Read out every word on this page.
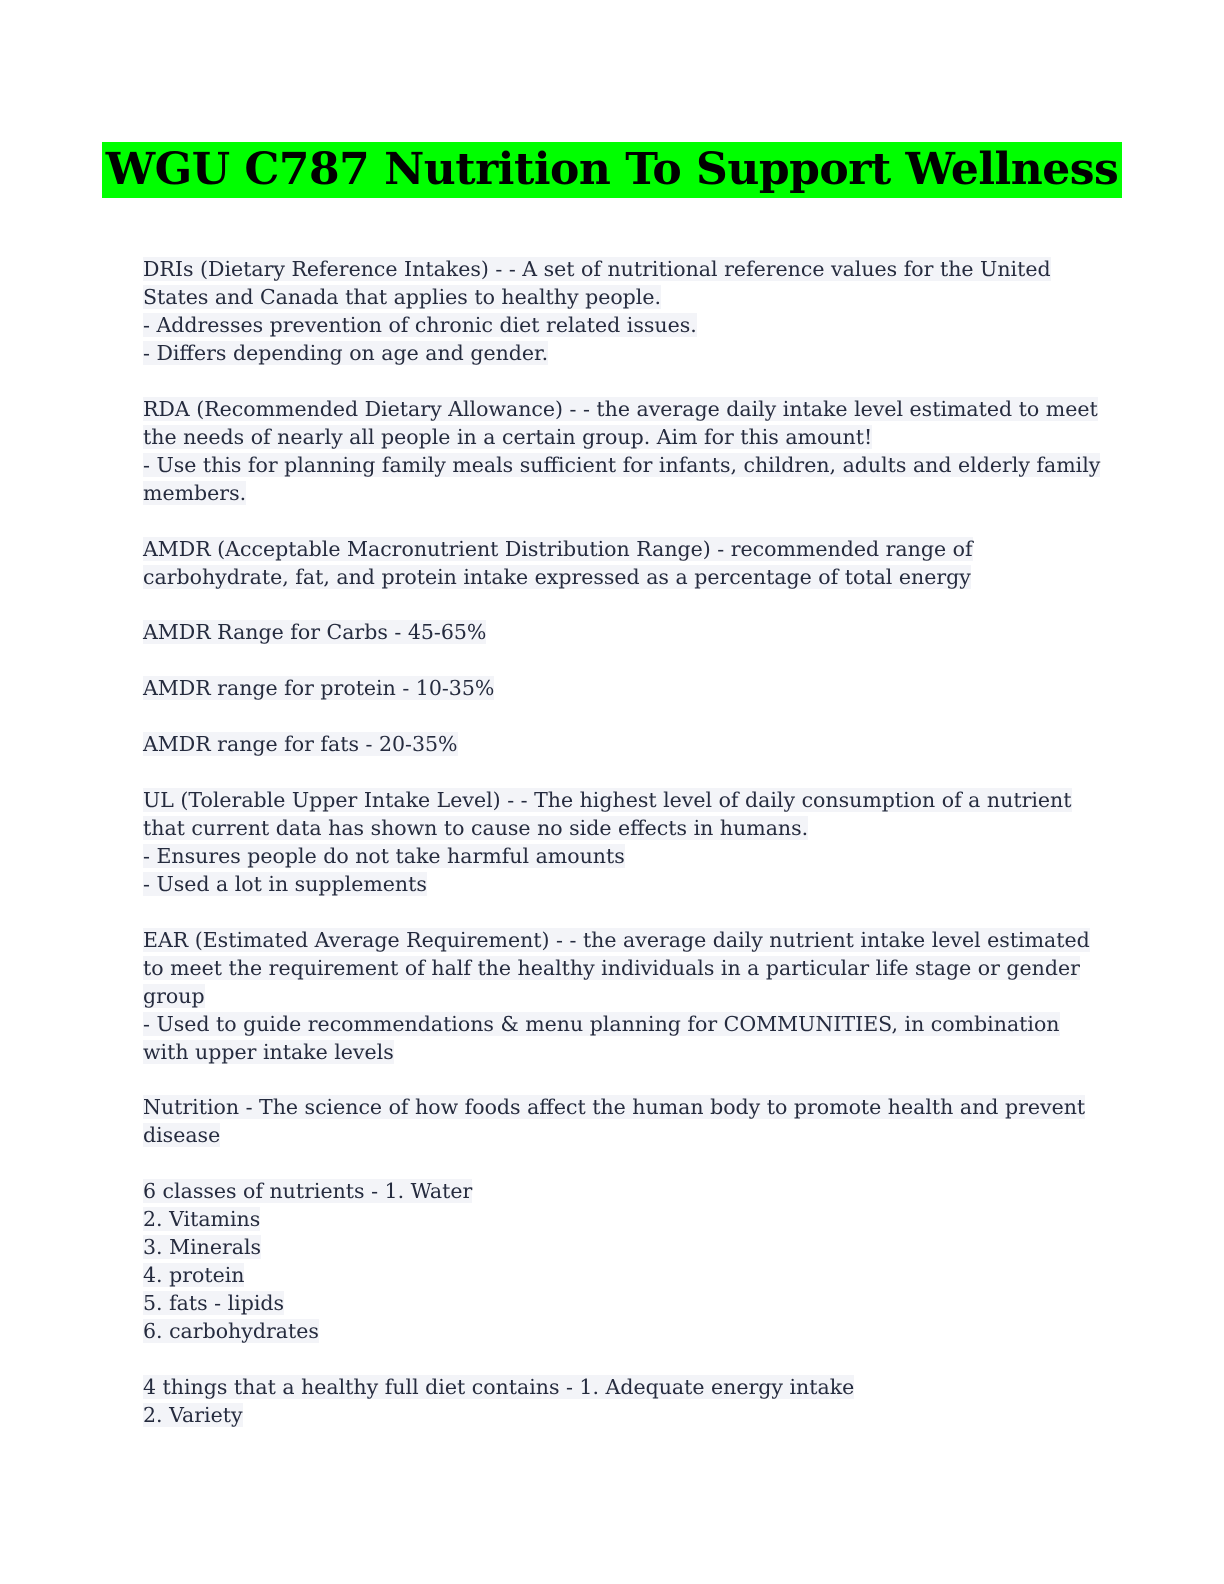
WGU C787 Nutrition To Support Wellness
DRIs (Dietary Reference Intakes) - - A set of nutritional reference values for the United
States and Canada that applies to healthy people.
- Addresses prevention of chronic diet related issues.
- Differs depending on age and gender.
RDA (Recommended Dietary Allowance) - - the average daily intake level estimated to meet
the needs of nearly all people in a certain group. Aim for this amount!
- Use this for planning family meals sufficient for infants, children, adults and elderly family
members.
AMDR (Acceptable Macronutrient Distribution Range) - recommended range of
carbohydrate, fat, and protein intake expressed as a percentage of total energy
AMDR Range for Carbs - 45-65%
AMDR range for protein - 10-35%
AMDR range for fats - 20-35%
UL (Tolerable Upper Intake Level) - - The highest level of daily consumption of a nutrient
that current data has shown to cause no side effects in humans.
- Ensures people do not take harmful amounts
- Used a lot in supplements
EAR (Estimated Average Requirement) - - the average daily nutrient intake level estimated
to meet the requirement of half the healthy individuals in a particular life stage or gender
group
- Used to guide recommendations & menu planning for COMMUNITIES, in combination
with upper intake levels
Nutrition - The science of how foods affect the human body to promote health and prevent
disease
6 classes of nutrients - 1. Water
2. Vitamins
3. Minerals
4. protein
5. fats - lipids
6. carbohydrates
4 things that a healthy full diet contains - 1. Adequate energy intake
2. Variety
